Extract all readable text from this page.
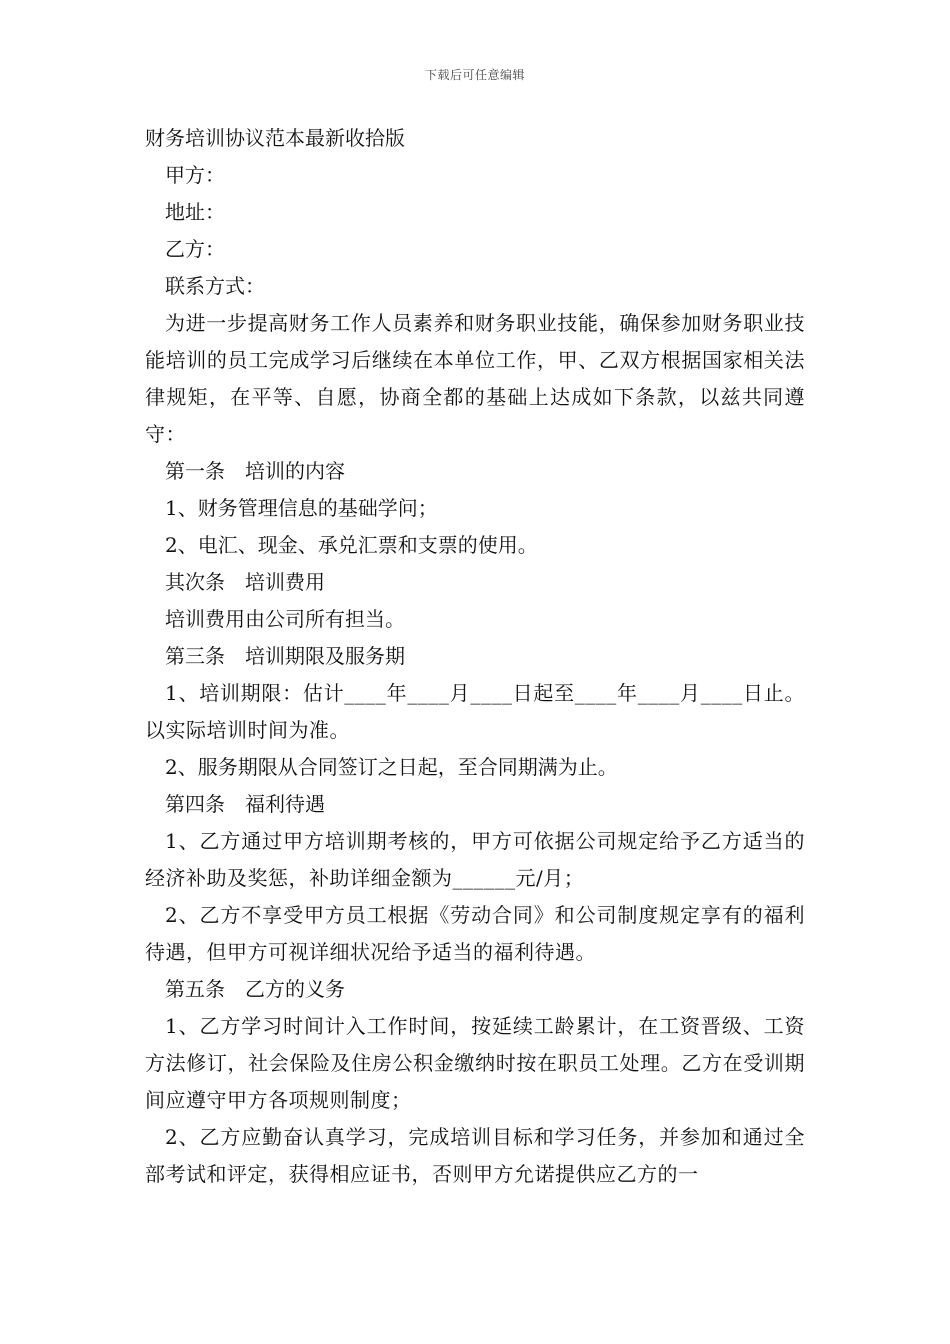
下载后可任意编辑

财务培训协议范本最新收拾版

甲方：

地址：

乙方：

联系方式：

为进一步提高财务工作人员素养和财务职业技能，确保参加财务职业技能培训的员工完成学习后继续在本单位工作，甲、乙双方根据国家相关法律规矩，在平等、自愿，协商全都的基础上达成如下条款，以兹共同遵守：

第一条　培训的内容

1、财务管理信息的基础学问；

2、电汇、现金、承兑汇票和支票的使用。

其次条　培训费用

培训费用由公司所有担当。

第三条　培训期限及服务期

1、培训期限：估计____年____月____日起至____年____月____日止。以实际培训时间为准。

2、服务期限从合同签订之日起，至合同期满为止。

第四条　福利待遇

1、乙方通过甲方培训期考核的，甲方可依据公司规定给予乙方适当的经济补助及奖惩，补助详细金额为______元/月；

2、乙方不享受甲方员工根据《劳动合同》和公司制度规定享有的福利待遇，但甲方可视详细状况给予适当的福利待遇。

第五条　乙方的义务

1、乙方学习时间计入工作时间，按延续工龄累计，在工资晋级、工资方法修订，社会保险及住房公积金缴纳时按在职员工处理。乙方在受训期间应遵守甲方各项规则制度；

2、乙方应勤奋认真学习，完成培训目标和学习任务，并参加和通过全部考试和评定，获得相应证书，否则甲方允诺提供应乙方的一
